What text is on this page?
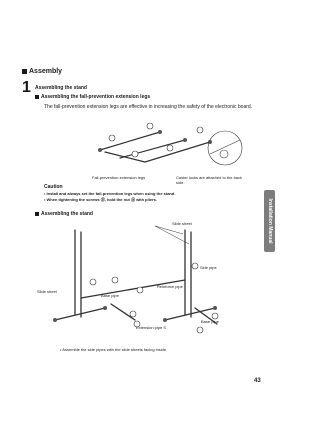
Assembly
1 Assembling the stand
Assembling the fall-prevention extension legs
The fall-prevention extension legs are effective in increasing the safety of the electronic board.
Fall-prevention extension legs	Caster locks are attached to the back side.
Caution
• Install and always set the fall-prevention legs when using the stand.
• When tightening the screws ⑮, hold the nut ⑯ with pliers.
Assembling the stand
Slide sheet
Side pipe
Reinforce pipe
Slide sheet
Base pipe
Base pipe
Extension pipe S
• Assemble the side pipes with the slide sheets facing inside.
Installation Manual
43
